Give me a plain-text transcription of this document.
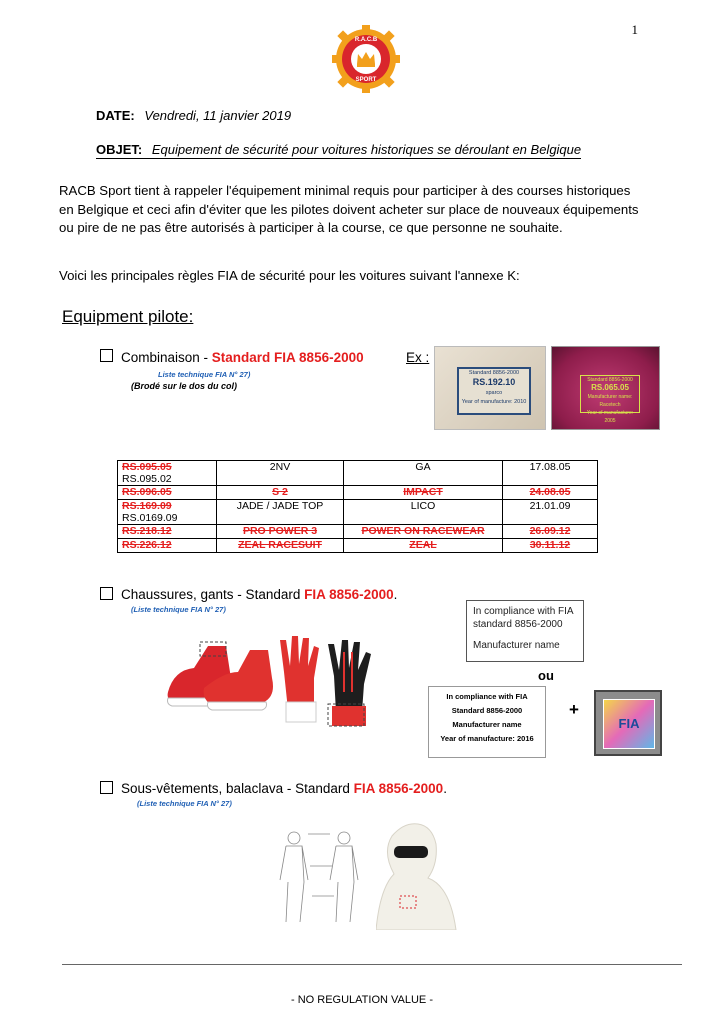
1
R.A.C.B
SPORT
DATE: Vendredi, 11 janvier 2019
OBJET: Equipement de sécurité pour voitures historiques se déroulant en Belgique
RACB Sport tient à rappeler l'équipement minimal requis pour participer à des courses historiques en Belgique et ceci afin d'éviter que les pilotes doivent acheter sur place de nouveaux équipements ou pire de ne pas être autorisés à participer à la course, ce que personne ne souhaite.
Voici les principales règles FIA de sécurité pour les voitures suivant l'annexe K:
Equipment pilote:
Combinaison - Standard FIA 8856-2000	Ex :
Liste technique FIA N° 27)
(Brodé sur le dos du col)
Standard 8856-2000
RS.192.10
sparco
Year of manufacture: 2010
Standard 8856-2000
RS.065.05
Manufacturer name: Racetech
Year of manufacture: 2005
RS.095.05
RS.095.02	2NV	GA	17.08.05
RS.096.05	S 2	IMPACT	24.08.05

RS.169.09
RS.0169.09	JADE / JADE TOP	LICO	21.01.09
RS.218.12	PRO POWER 3	POWER ON RACEWEAR	26.09.12
RS.226.12	ZEAL RACESUIT	ZEAL	30.11.12
Chaussures, gants - Standard FIA 8856-2000.
(Liste technique FIA N° 27)	In compliance with FIA standard 8856-2000
Manufacturer name
ou
In compliance with FIA
Standard 8856-2000
Manufacturer name
Year of manufacture: 2016
+
FIA
Sous-vêtements, balaclava - Standard FIA 8856-2000.
(Liste technique FIA N° 27)
- NO REGULATION VALUE -
